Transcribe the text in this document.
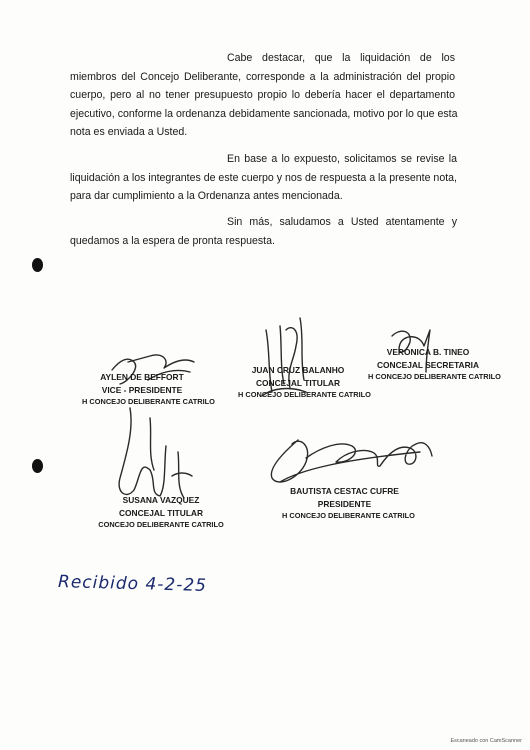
Cabe destacar, que la liquidación de los
miembros del Concejo Deliberante, corresponde a la administración del propio
cuerpo, pero al no tener presupuesto propio lo debería hacer el departamento
ejecutivo, conforme la ordenanza debidamente sancionada, motivo por lo que esta
nota es enviada a Usted.
En base a lo expuesto, solicitamos se revise la
liquidación a los integrantes de este cuerpo y nos de respuesta a la presente nota,
para dar cumplimiento a la Ordenanza antes mencionada.
Sin más, saludamos a Usted atentamente y
quedamos a la espera de pronta respuesta.
AYLEN DE BEFFORT
VICE - PRESIDENTE
H CONCEJO DELIBERANTE CATRILO
JUAN CRUZ BALANHO
CONCEJAL TITULAR
H CONCEJO DELIBERANTE CATRILO
VERONICA B. TINEO
CONCEJAL SECRETARIA
H CONCEJO DELIBERANTE CATRILO
SUSANA VAZQUEZ
CONCEJAL TITULAR
CONCEJO DELIBERANTE CATRILO
BAUTISTA CESTAC CUFRE
PRESIDENTE
H CONCEJO DELIBERANTE CATRILO
Recibido 4-2-25
Escaneado con CamScanner
